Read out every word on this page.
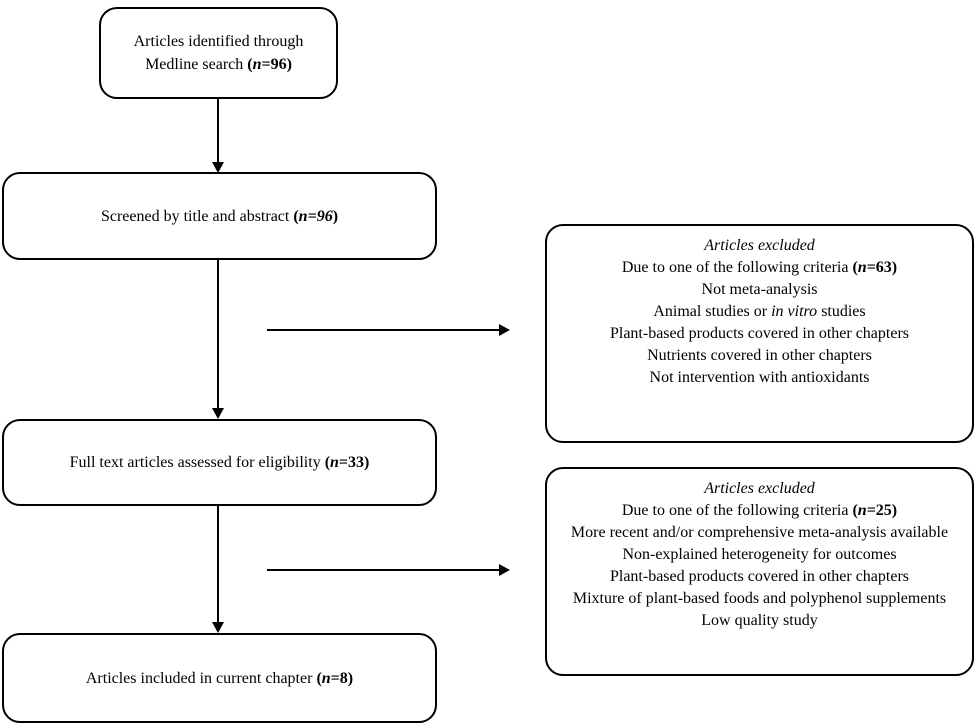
Articles identified through
Medline search (n=96)
Screened by title and abstract (n=96)
Articles excluded
Due to one of the following criteria (n=63)
Not meta-analysis
Animal studies or in vitro studies
Plant-based products covered in other chapters
Nutrients covered in other chapters
Not intervention with antioxidants
Full text articles assessed for eligibility (n=33)
Articles excluded
Due to one of the following criteria (n=25)
More recent and/or comprehensive meta-analysis available
Non-explained heterogeneity for outcomes
Plant-based products covered in other chapters
Mixture of plant-based foods and polyphenol supplements
Low quality study
Articles included in current chapter (n=8)
